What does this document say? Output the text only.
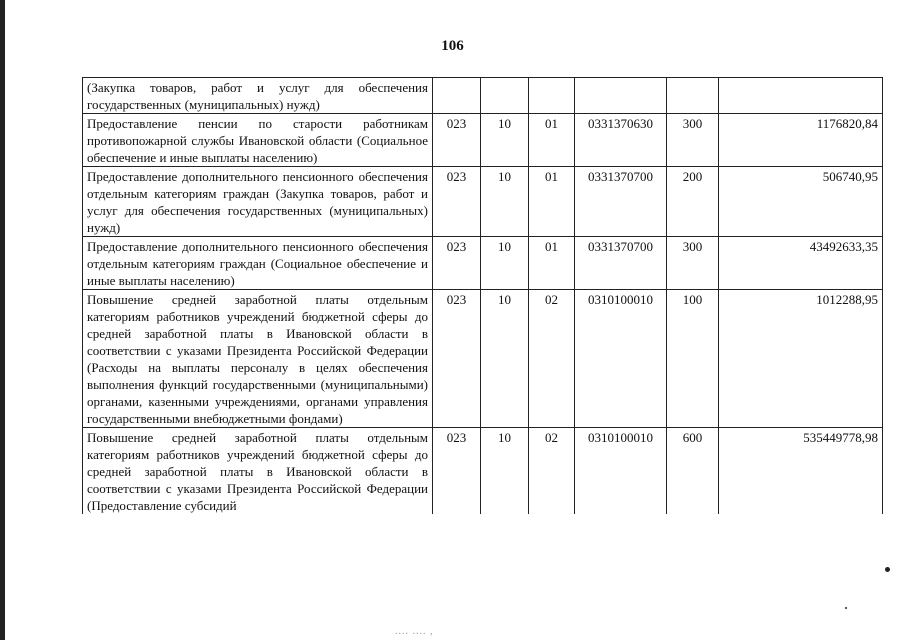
106
(Закупка товаров, работ и услуг для обеспечения государственных (муниципальных) нужд)						
Предоставление пенсии по старости работникам противопожарной службы Ивановской области (Социальное обеспечение и иные выплаты населению)	023	10	01	0331370630	300	1176820,84
Предоставление дополнительного пенсионного обеспечения отдельным категориям граждан (Закупка товаров, работ и услуг для обеспечения государственных (муниципальных) нужд)	023	10	01	0331370700	200	506740,95
Предоставление дополнительного пенсионного обеспечения отдельным категориям граждан (Социальное обеспечение и иные выплаты населению)	023	10	01	0331370700	300	43492633,35
Повышение средней заработной платы отдельным категориям работников учреждений бюджетной сферы до средней заработной платы в Ивановской области в соответствии с указами Президента Российской Федерации (Расходы на выплаты персоналу в целях обеспечения выполнения функций государственными (муниципальными) органами, казенными учреждениями, органами управления государственными внебюджетными фондами)	023	10	02	0310100010	100	1012288,95
Повышение средней заработной платы отдельным категориям работников учреждений бюджетной сферы до средней заработной платы в Ивановской области в соответствии с указами Президента Российской Федерации (Предоставление субсидий	023	10	02	0310100010	600	535449778,98
.... .... ,
